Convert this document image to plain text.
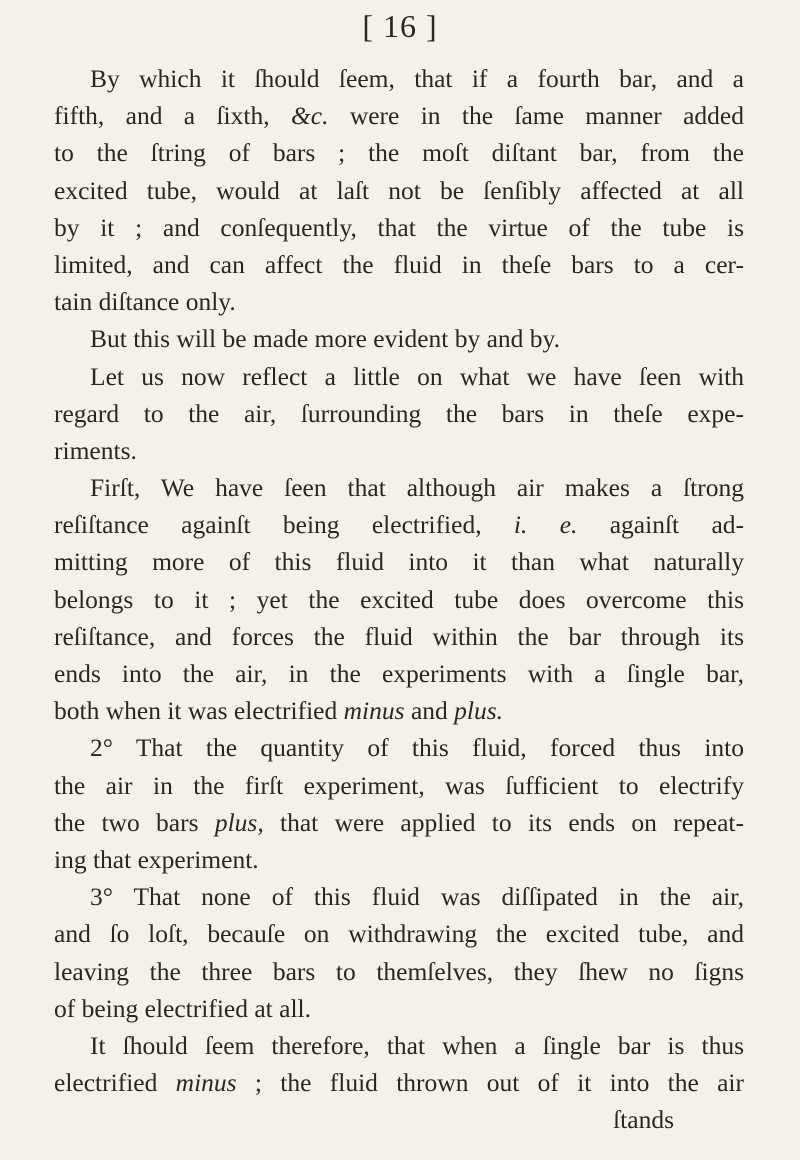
[ 16 ]
By which it ſhould ſeem, that if a fourth bar, and a
fifth, and a ſixth, &c. were in the ſame manner added
to the ſtring of bars ; the moſt diſtant bar, from the
excited tube, would at laſt not be ſenſibly affected at all
by it ; and conſequently, that the virtue of the tube is
limited, and can affect the fluid in theſe bars to a cer-
tain diſtance only.
But this will be made more evident by and by.
Let us now reflect a little on what we have ſeen with
regard to the air, ſurrounding the bars in theſe expe-
riments.
Firſt, We have ſeen that although air makes a ſtrong
reſiſtance againſt being electrified, i. e. againſt ad-
mitting more of this fluid into it than what naturally
belongs to it ; yet the excited tube does overcome this
reſiſtance, and forces the fluid within the bar through its
ends into the air, in the experiments with a ſingle bar,
both when it was electrified minus and plus.
2° That the quantity of this fluid, forced thus into
the air in the firſt experiment, was ſufficient to electrify
the two bars plus, that were applied to its ends on repeat-
ing that experiment.
3° That none of this fluid was diſſipated in the air,
and ſo loſt, becauſe on withdrawing the excited tube, and
leaving the three bars to themſelves, they ſhew no ſigns
of being electrified at all.
It ſhould ſeem therefore, that when a ſingle bar is thus
electrified minus ; the fluid thrown out of it into the air
ſtands
